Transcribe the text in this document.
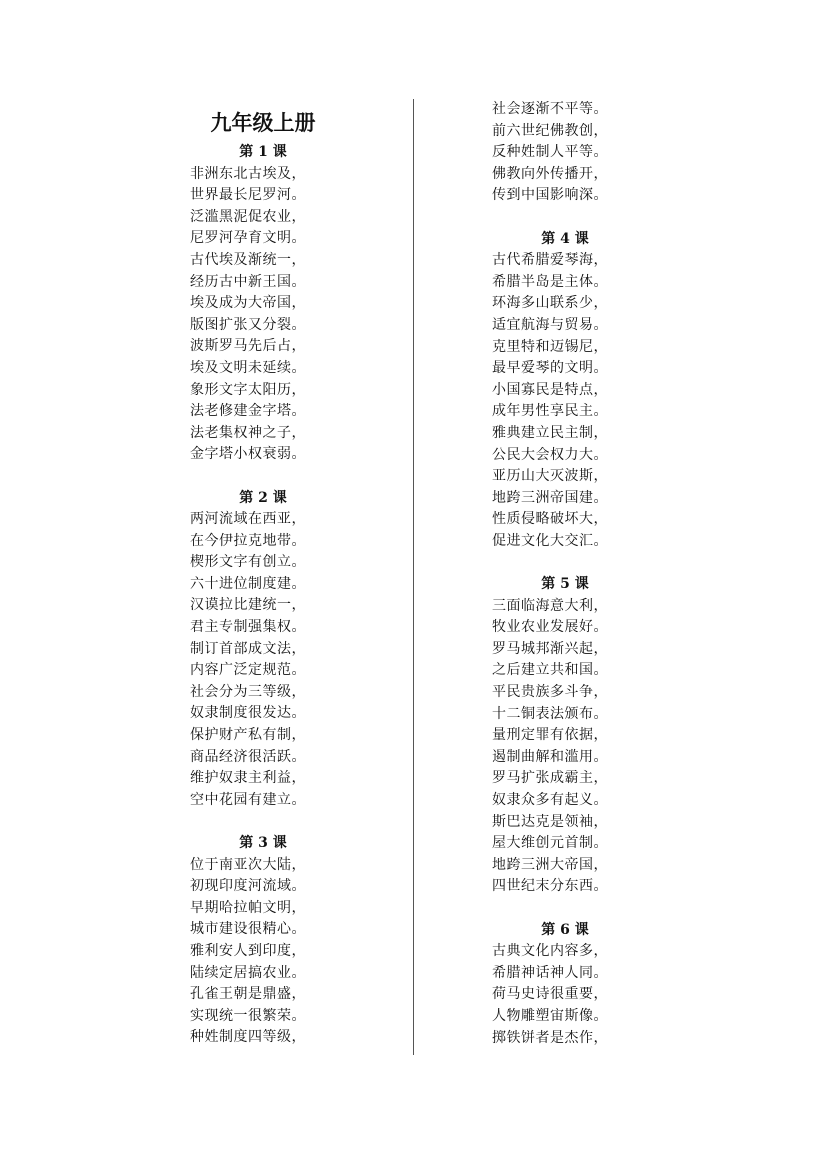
九年级上册
第 1 课
非洲东北古埃及，
世界最长尼罗河。
泛滥黑泥促农业，
尼罗河孕育文明。
古代埃及渐统一，
经历古中新王国。
埃及成为大帝国，
版图扩张又分裂。
波斯罗马先后占，
埃及文明未延续。
象形文字太阳历，
法老修建金字塔。
法老集权神之子，
金字塔小权衰弱。
第 2 课
两河流域在西亚，
在今伊拉克地带。
楔形文字有创立。
六十进位制度建。
汉谟拉比建统一，
君主专制强集权。
制订首部成文法，
内容广泛定规范。
社会分为三等级，
奴隶制度很发达。
保护财产私有制，
商品经济很活跃。
维护奴隶主利益，
空中花园有建立。
第 3 课
位于南亚次大陆，
初现印度河流域。
早期哈拉帕文明，
城市建设很精心。
雅利安人到印度，
陆续定居搞农业。
孔雀王朝是鼎盛，
实现统一很繁荣。
种姓制度四等级，
社会逐渐不平等。
前六世纪佛教创，
反种姓制人平等。
佛教向外传播开，
传到中国影响深。
第 4 课
古代希腊爱琴海，
希腊半岛是主体。
环海多山联系少，
适宜航海与贸易。
克里特和迈锡尼，
最早爱琴的文明。
小国寡民是特点，
成年男性享民主。
雅典建立民主制，
公民大会权力大。
亚历山大灭波斯，
地跨三洲帝国建。
性质侵略破坏大，
促进文化大交汇。
第 5 课
三面临海意大利，
牧业农业发展好。
罗马城邦渐兴起，
之后建立共和国。
平民贵族多斗争，
十二铜表法颁布。
量刑定罪有依据，
遏制曲解和滥用。
罗马扩张成霸主，
奴隶众多有起义。
斯巴达克是领袖，
屋大维创元首制。
地跨三洲大帝国，
四世纪末分东西。
第 6 课
古典文化内容多，
希腊神话神人同。
荷马史诗很重要，
人物雕塑宙斯像。
掷铁饼者是杰作，
